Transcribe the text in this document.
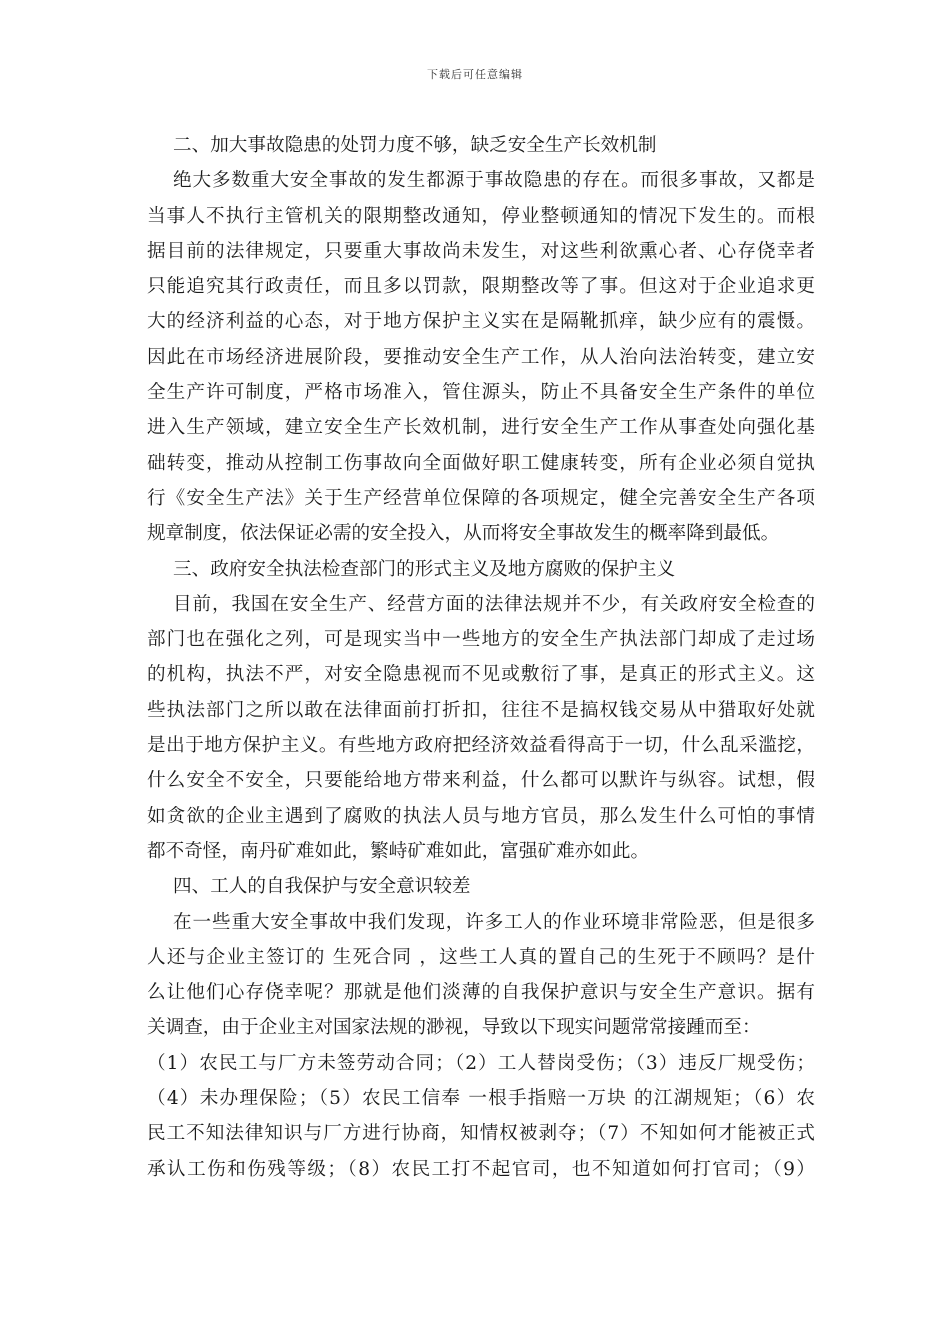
下载后可任意编辑
二、加大事故隐患的处罚力度不够，缺乏安全生产长效机制
绝大多数重大安全事故的发生都源于事故隐患的存在。而很多事故，又都是
当事人不执行主管机关的限期整改通知，停业整顿通知的情况下发生的。而根
据目前的法律规定，只要重大事故尚未发生，对这些利欲熏心者、心存侥幸者
只能追究其行政责任，而且多以罚款，限期整改等了事。但这对于企业追求更
大的经济利益的心态，对于地方保护主义实在是隔靴抓痒，缺少应有的震慑。
因此在市场经济进展阶段，要推动安全生产工作，从人治向法治转变，建立安
全生产许可制度，严格市场准入，管住源头，防止不具备安全生产条件的单位
进入生产领域，建立安全生产长效机制，进行安全生产工作从事查处向强化基
础转变，推动从控制工伤事故向全面做好职工健康转变，所有企业必须自觉执
行《安全生产法》关于生产经营单位保障的各项规定，健全完善安全生产各项
规章制度，依法保证必需的安全投入，从而将安全事故发生的概率降到最低。
三、政府安全执法检查部门的形式主义及地方腐败的保护主义
目前，我国在安全生产、经营方面的法律法规并不少，有关政府安全检查的
部门也在强化之列，可是现实当中一些地方的安全生产执法部门却成了走过场
的机构，执法不严，对安全隐患视而不见或敷衍了事，是真正的形式主义。这
些执法部门之所以敢在法律面前打折扣，往往不是搞权钱交易从中猎取好处就
是出于地方保护主义。有些地方政府把经济效益看得高于一切，什么乱采滥挖，
什么安全不安全，只要能给地方带来利益，什么都可以默许与纵容。试想，假
如贪欲的企业主遇到了腐败的执法人员与地方官员，那么发生什么可怕的事情
都不奇怪，南丹矿难如此，繁峙矿难如此，富强矿难亦如此。
四、工人的自我保护与安全意识较差
在一些重大安全事故中我们发现，许多工人的作业环境非常险恶，但是很多
人还与企业主签订的 生死合同 ，这些工人真的置自己的生死于不顾吗？是什
么让他们心存侥幸呢？那就是他们淡薄的自我保护意识与安全生产意识。据有
关调查，由于企业主对国家法规的渺视，导致以下现实问题常常接踵而至：
（1）农民工与厂方未签劳动合同；（2）工人替岗受伤；（3）违反厂规受伤；
（4）未办理保险；（5）农民工信奉 一根手指赔一万块 的江湖规矩；（6）农
民工不知法律知识与厂方进行协商，知情权被剥夺；（7）不知如何才能被正式
承认工伤和伤残等级；（8）农民工打不起官司，也不知道如何打官司；（9）
